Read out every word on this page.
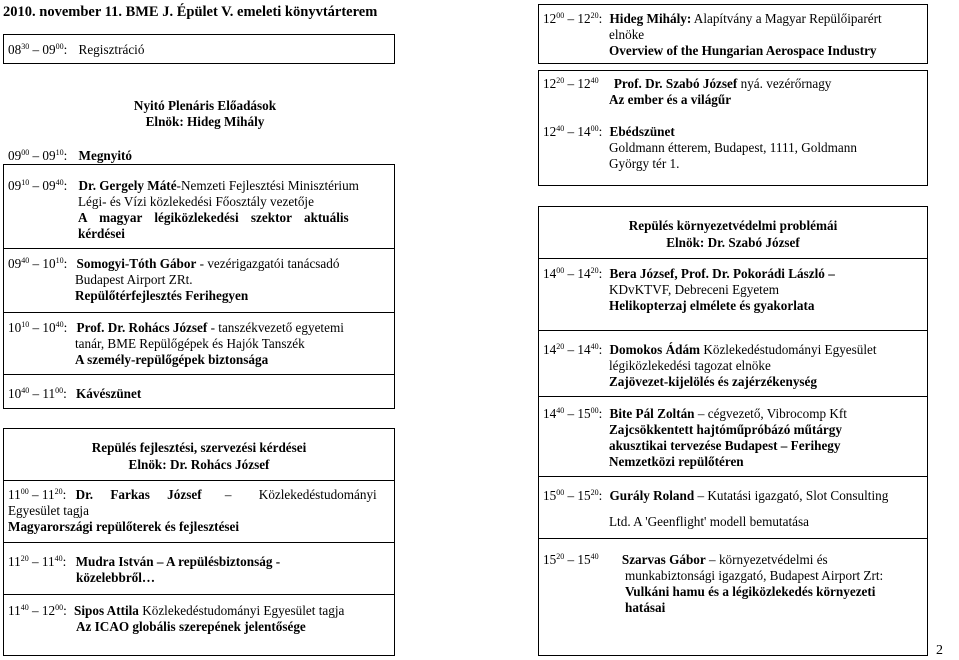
2010. november 11. BME J. Épület V. emeleti könyvtárterem
$08^{30} - 09^{00}$: Regisztráció
Nyitó Plenáris Előadások
Elnök: Hideg Mihály
$09^{00} - 09^{10}$: Megnyitó
$09^{10} - 09^{40}$: Dr. Gergely Máté-Nemzeti Fejlesztési Minisztérium
Légi- és Vízi közlekedési Főosztály vezetője
A magyar légiközlekedési szektor aktuális
kérdései
$09^{40} - 10^{10}$: Somogyi-Tóth Gábor - vezérigazgatói tanácsadó
Budapest Airport ZRt.
Repülőtérfejlesztés Ferihegyen
$10^{10} - 10^{40}$: Prof. Dr. Rohács József - tanszékvezető egyetemi
tanár, BME Repülőgépek és Hajók Tanszék
A személy-repülőgépek biztonsága
$10^{40} - 11^{00}$: Kávészünet
Repülés fejlesztési, szervezési kérdései
Elnök: Dr. Rohács József
$11^{00} - 11^{20}$: Dr. Farkas József – Közlekedéstudományi
Egyesület tagja
Magyarországi repülőterek és fejlesztései
$11^{20} - 11^{40}$: Mudra István – A repülésbiztonság -
közelebbről…
$11^{40} - 12^{00}$: Sipos Attila Közlekedéstudományi Egyesület tagja
Az ICAO globális szerepének jelentősége
$12^{00} - 12^{20}$: Hideg Mihály: Alapítvány a Magyar Repülőiparért
elnöke
Overview of the Hungarian Aerospace Industry
$12^{20} - 12^{40}$ Prof. Dr. Szabó József nyá. vezérőrnagy
Az ember és a világűr
$12^{40} - 14^{00}$: Ebédszünet
Goldmann étterem, Budapest, 1111, Goldmann
György tér 1.
Repülés környezetvédelmi problémái
Elnök: Dr. Szabó József
$14^{00} - 14^{20}$: Bera József, Prof. Dr. Pokorádi László –
KDvKTVF, Debreceni Egyetem
Helikopterzaj elmélete és gyakorlata
$14^{20} - 14^{40}$: Domokos Ádám Közlekedéstudományi Egyesület
légiközlekedési tagozat elnöke
Zajövezet-kijelölés és zajérzékenység
$14^{40} - 15^{00}$: Bite Pál Zoltán – cégvezető, Vibrocomp Kft
Zajcsökkentett hajtóműpróbázó műtárgy
akusztikai tervezése Budapest – Ferihegy
Nemzetközi repülőtéren
$15^{00} - 15^{20}$: Gurály Roland – Kutatási igazgató, Slot Consulting
Ltd. A 'Geenflight' modell bemutatása
$15^{20} - 15^{40}$ Szarvas Gábor – környezetvédelmi és
munkabiztonsági igazgató, Budapest Airport Zrt:
Vulkáni hamu és a légiközlekedés környezeti
hatásai
2
